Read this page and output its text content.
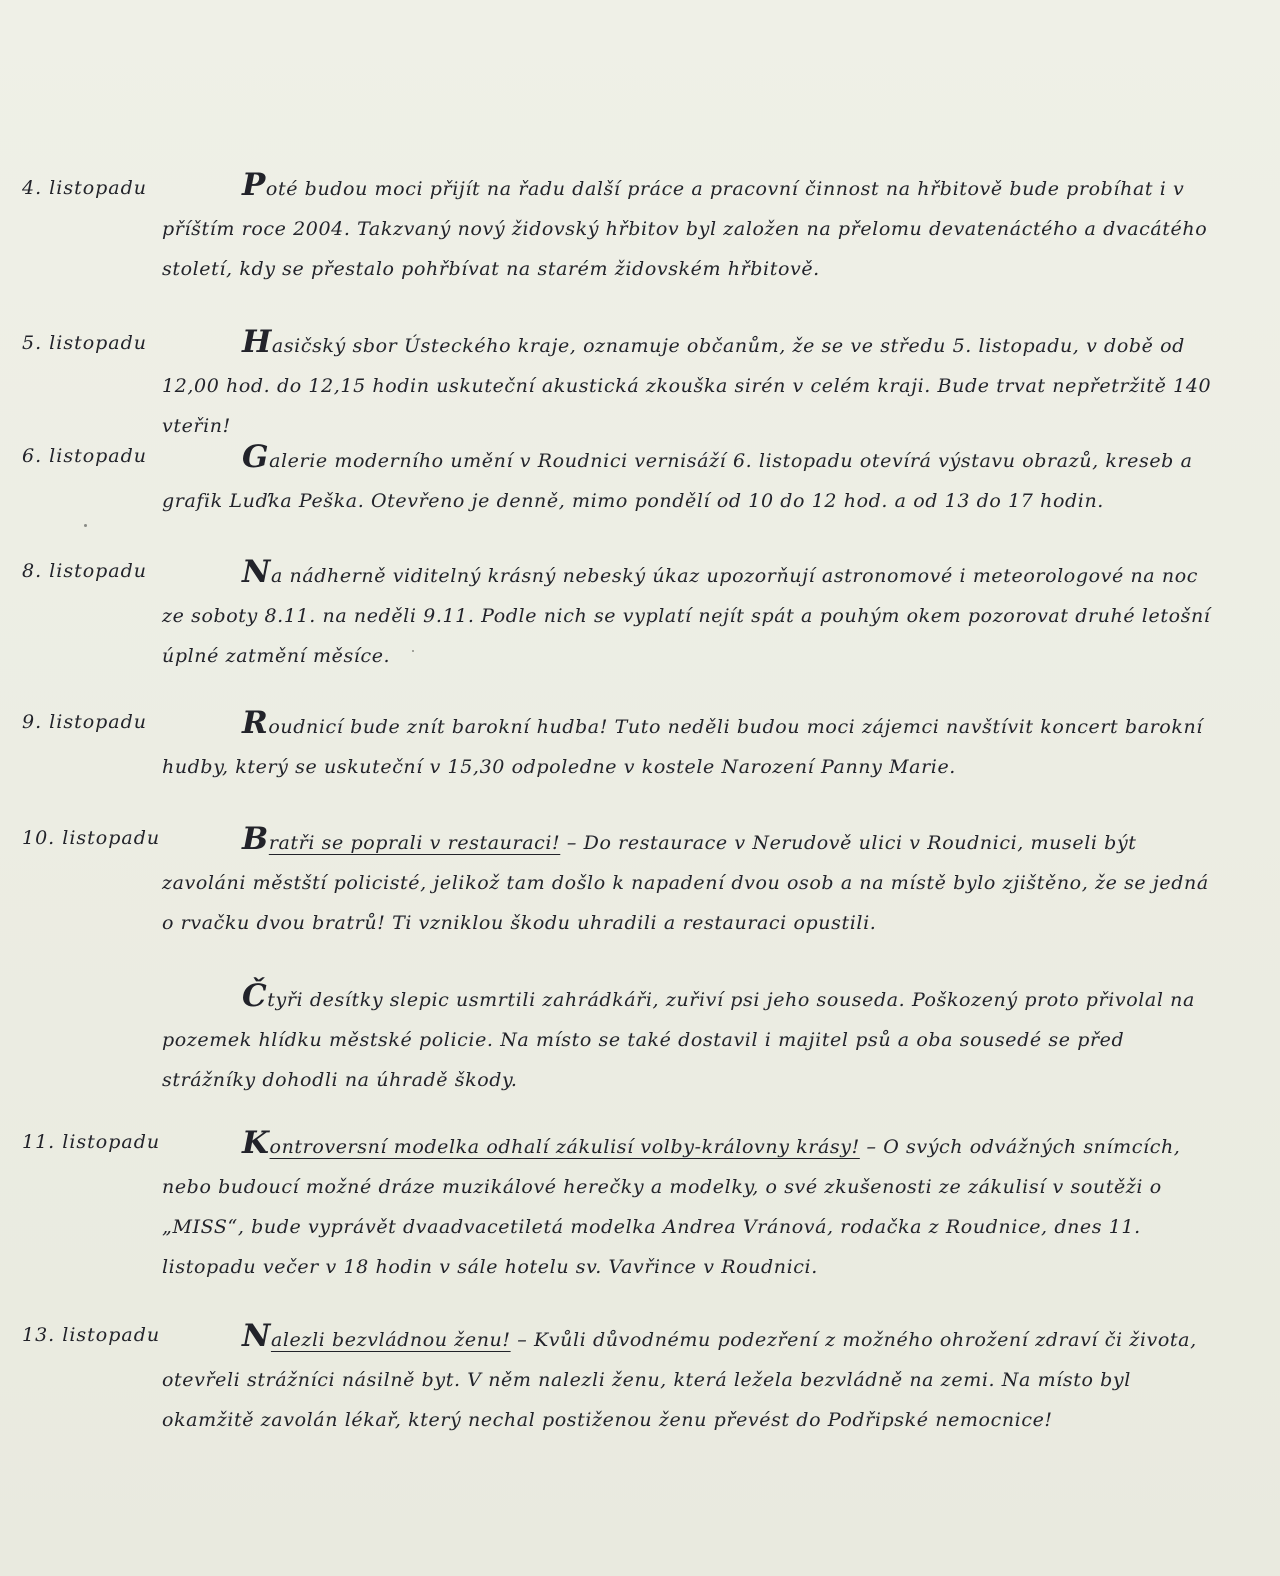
4. listopadu	Poté budou moci přijít na řadu další práce a pracovní činnost na hřbitově bude probíhat i v příštím roce 2004. Takzvaný nový židovský hřbitov byl založen na přelomu devatenáctého a dvacátého století, kdy se přestalo pohřbívat na starém židovském hřbitově.

5. listopadu	Hasičský sbor Ústeckého kraje, oznamuje občanům, že se ve středu 5. listopadu, v době od 12,00 hod. do 12,15 hodin uskuteční akustická zkouška sirén v celém kraji. Bude trvat nepřetržitě 140 vteřin!

6. listopadu	Galerie moderního umění v Roudnici vernisáží 6. listopadu otevírá výstavu obrazů, kreseb a grafik Luďka Peška. Otevřeno je denně, mimo pondělí od 10 do 12 hod. a od 13 do 17 hodin.

8. listopadu	Na nádherně viditelný krásný nebeský úkaz upozorňují astronomové i meteorologové na noc ze soboty 8.11. na neděli 9.11. Podle nich se vyplatí nejít spát a pouhým okem pozorovat druhé letošní úplné zatmění měsíce.

9. listopadu	Roudnicí bude znít barokní hudba! Tuto neděli budou moci zájemci navštívit koncert barokní hudby, který se uskuteční v 15,30 odpoledne v kostele Narození Panny Marie.

10. listopadu	Bratři se poprali v restauraci! – Do restaurace v Nerudově ulici v Roudnici, museli být zavoláni městští policisté, jelikož tam došlo k napadení dvou osob a na místě bylo zjištěno, že se jedná o rvačku dvou bratrů! Ti vzniklou škodu uhradili a restauraci opustili.

Čtyři desítky slepic usmrtili zahrádkáři, zuřiví psi jeho souseda. Poškozený proto přivolal na pozemek hlídku městské policie. Na místo se také dostavil i majitel psů a oba sousedé se před strážníky dohodli na úhradě škody.

11. listopadu	Kontroversní modelka odhalí zákulisí volby-královny krásy! – O svých odvážných snímcích, nebo budoucí možné dráze muzikálové herečky a modelky, o své zkušenosti ze zákulisí v soutěži o „MISS“, bude vyprávět dvaadvacetiletá modelka Andrea Vránová, rodačka z Roudnice, dnes 11. listopadu večer v 18 hodin v sále hotelu sv. Vavřince v Roudnici.

13. listopadu	Nalezli bezvládnou ženu! – Kvůli důvodnému podezření z možného ohrožení zdraví či života, otevřeli strážníci násilně byt. V něm nalezli ženu, která ležela bezvládně na zemi. Na místo byl okamžitě zavolán lékař, který nechal postiženou ženu převést do Podřipské nemocnice!
